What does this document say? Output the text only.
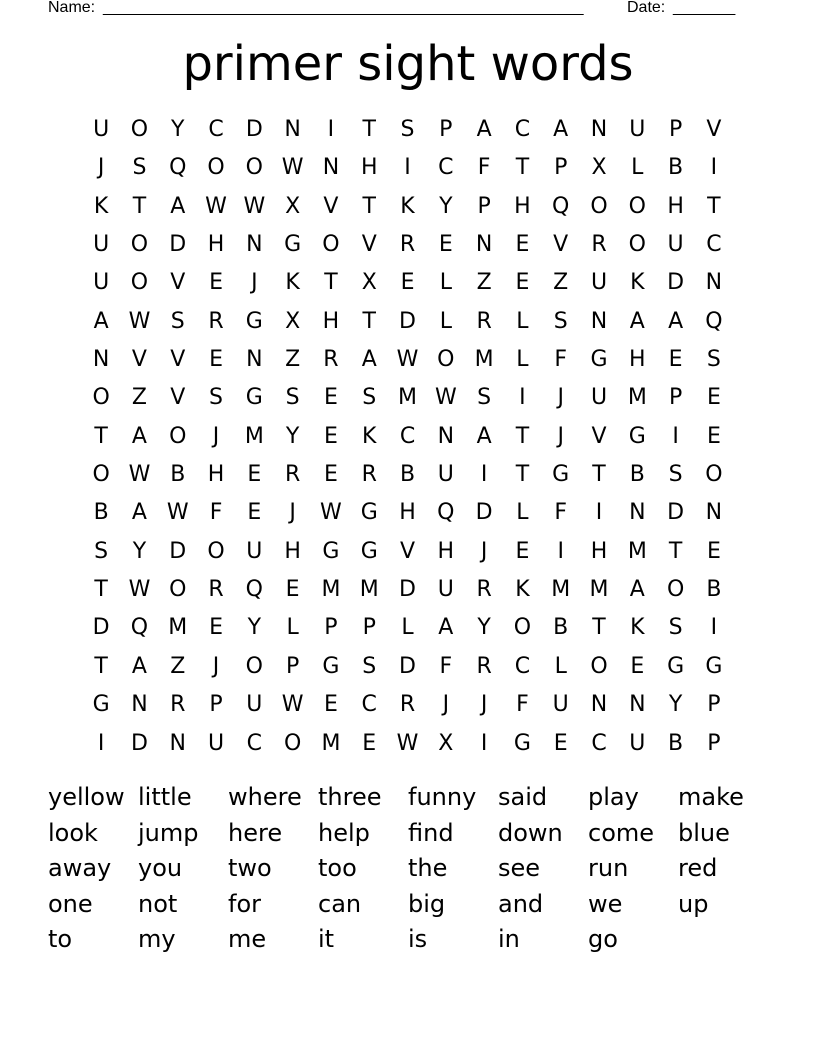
Name: ______________________________________________________	Date: _______
primer sight words
U O	Y	C	D N	I	T	S	P	A	C	A	N	U	P	V
J	S	Q O O W N H	I	C	F	T	P	X	L	B	I
K	T	A W W X	V	T	K	Y	P	H Q O O H	T
U O D H N G O	V	R	E	N	E	V	R O U	C
U O	V	E	J	K	T	X	E	L	Z	E	Z	U	K	D N
A W S	R	G	X	H	T	D	L	R	L	S	N	A	A	Q
N	V	V	E	N	Z	R	A W O M	L	F	G H	E	S
O	Z	V	S	G	S	E	S M W S	I	J	U M	P	E
T	A	O	J	M	Y	E	K	C	N	A	T	J	V	G	I	E
O W B	H	E	R	E	R	B	U	I	T	G	T	B	S	O
B	A W F	E	J	W G H Q D	L	F	I	N D N
S	Y	D O U H G G	V	H	J	E	I	H M	T	E
T W O R Q	E M M D U	R	K M M A	O	B
D Q M E	Y	L	P	P	L	A	Y	O	B	T	K	S	I
T	A	Z	J	O	P	G	S	D	F	R	C	L	O	E	G G
G N	R	P	U W E	C	R	J	J	F	U	N N	Y	P
I	D N	U	C O M E W X	I	G	E	C	U	B	P
yellow little	where three	funny said	play	make
look	jump	here	help	find	down	come blue
away	you	two	too	the	see	run	red
one	not	for	can	big	and	we	up
to	my	me	it	is	in	go
